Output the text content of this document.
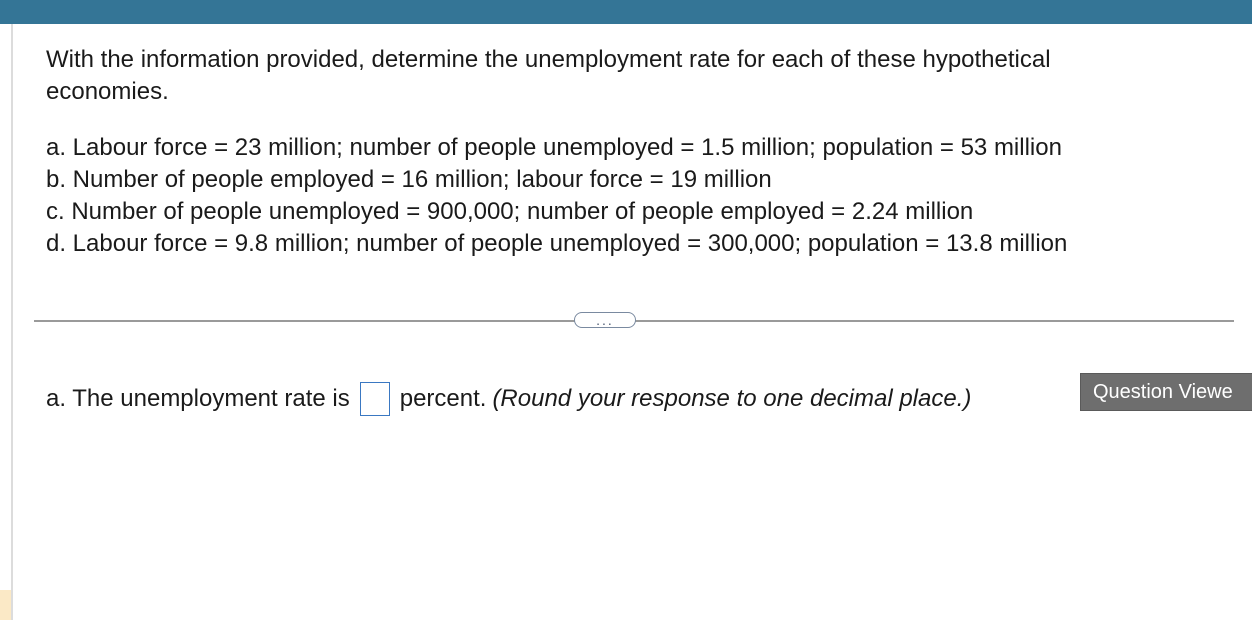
With the information provided, determine the unemployment rate for each of these hypothetical economies.

a. Labour force = 23 million; number of people unemployed = 1.5 million; population = 53 million
b. Number of people employed = 16 million; labour force = 19 million
c. Number of people unemployed = 900,000; number of people employed = 2.24 million
d. Labour force = 9.8 million; number of people unemployed = 300,000; population = 13.8 million
...
a. The unemployment rate is percent. (Round your response to one decimal place.)	Question Viewe
